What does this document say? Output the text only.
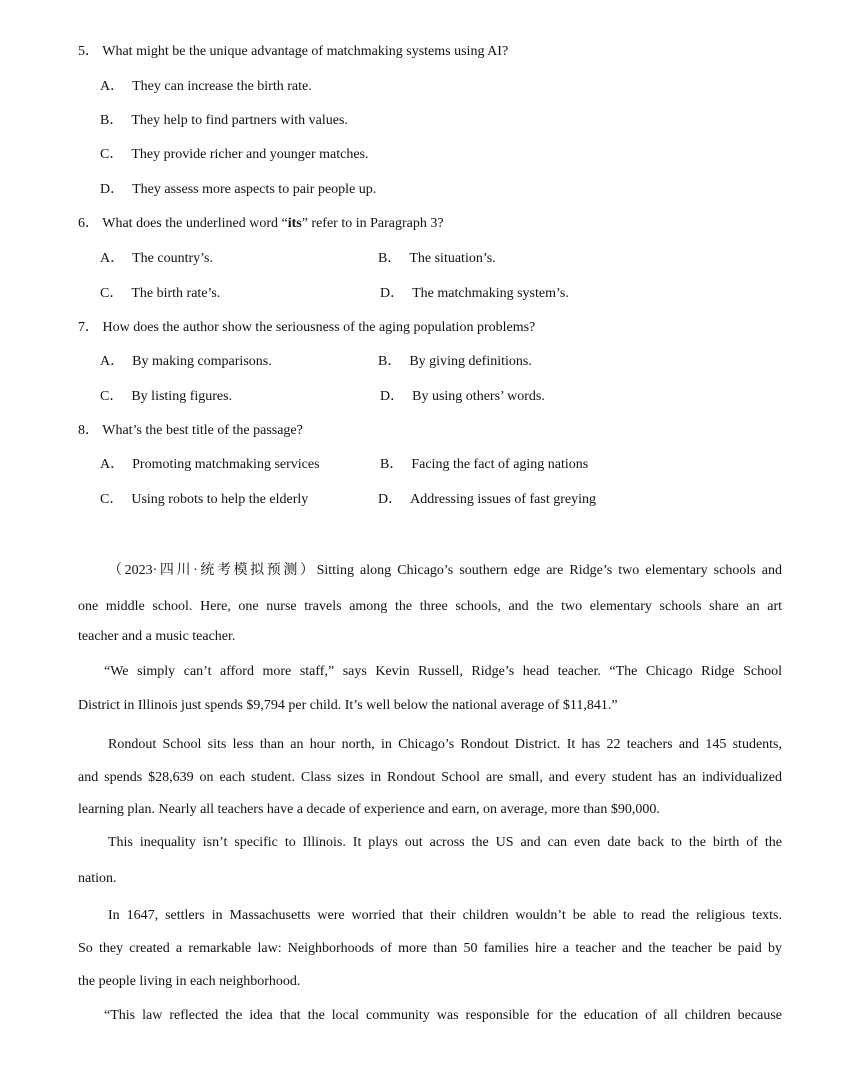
5． What might be the unique advantage of matchmaking systems using AI?
A． They can increase the birth rate.
B． They help to find partners with values.
C． They provide richer and younger matches.
D． They assess more aspects to pair people up.
6． What does the underlined word “its” refer to in Paragraph 3?
A． The country’s.	B． The situation’s.
C． The birth rate’s.	D． The matchmaking system’s.
7． How does the author show the seriousness of the aging population problems?
A． By making comparisons.	B． By giving definitions.
C． By listing figures.	D． By using others’ words.
8． What’s the best title of the passage?
A． Promoting matchmaking services	B． Facing the fact of aging nations
C． Using robots to help the elderly	D． Addressing issues of fast greying
（2023·四川·统考模拟预测）Sitting along Chicago’s southern edge are Ridge’s two elementary schools and
one middle school. Here, one nurse travels among the three schools, and the two elementary schools share an art
teacher and a music teacher.
“We simply can’t afford more staff,” says Kevin Russell, Ridge’s head teacher. “The Chicago Ridge School
District in Illinois just spends $9,794 per child. It’s well below the national average of $11,841.”
Rondout School sits less than an hour north, in Chicago’s Rondout District. It has 22 teachers and 145 students,
and spends $28,639 on each student. Class sizes in Rondout School are small, and every student has an individualized
learning plan. Nearly all teachers have a decade of experience and earn, on average, more than $90,000.
This inequality isn’t specific to Illinois. It plays out across the US and can even date back to the birth of the
nation.
In 1647, settlers in Massachusetts were worried that their children wouldn’t be able to read the religious texts.
So they created a remarkable law: Neighborhoods of more than 50 families hire a teacher and the teacher be paid by
the people living in each neighborhood.
“This law reflected the idea that the local community was responsible for the education of all children because
